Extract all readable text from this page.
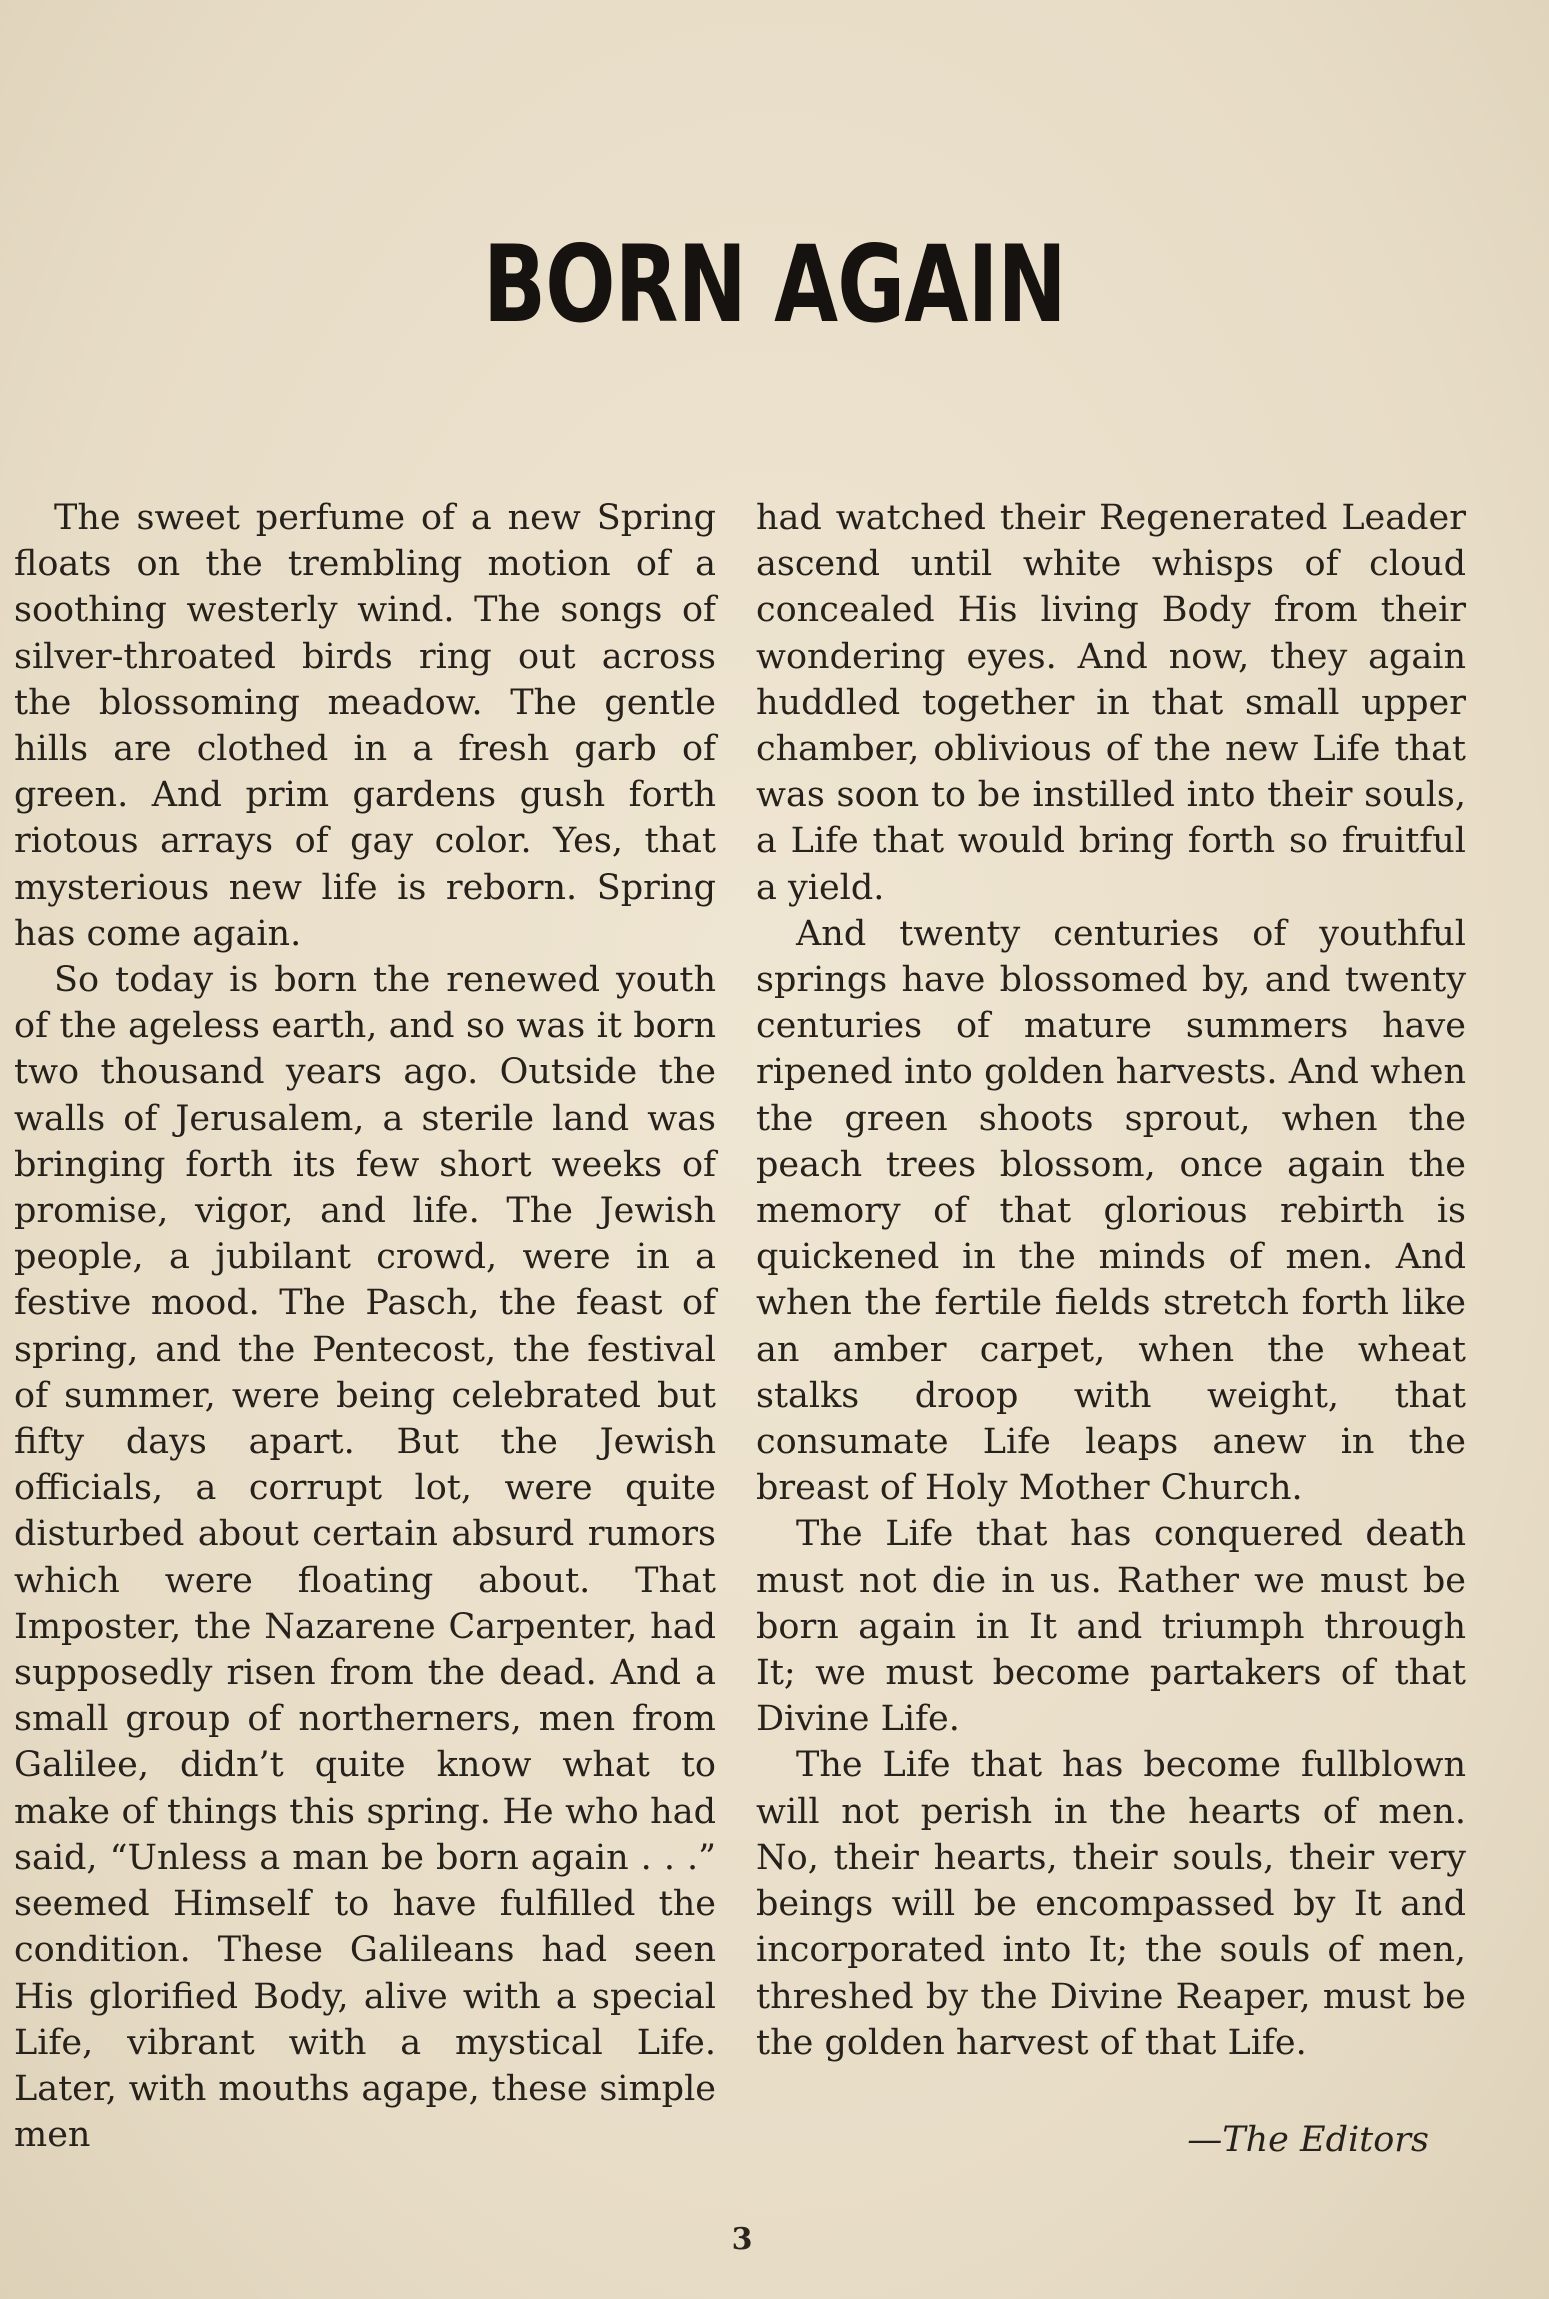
BORN AGAIN

The sweet perfume of a new Spring floats on the trembling motion of a soothing westerly wind. The songs of silver-throated birds ring out across the blossoming meadow. The gentle hills are clothed in a fresh garb of green. And prim gardens gush forth riotous arrays of gay color. Yes, that mysterious new life is reborn. Spring has come again.

So today is born the renewed youth of the ageless earth, and so was it born two thousand years ago. Outside the walls of Jerusalem, a sterile land was bringing forth its few short weeks of promise, vigor, and life. The Jewish people, a jubilant crowd, were in a festive mood. The Pasch, the feast of spring, and the Pentecost, the festival of summer, were being celebrated but fifty days apart. But the Jewish officials, a corrupt lot, were quite disturbed about certain absurd rumors which were floating about. That Imposter, the Nazarene Carpenter, had supposedly risen from the dead. And a small group of northerners, men from Galilee, didn’t quite know what to make of things this spring. He who had said, “Unless a man be born again . . .” seemed Himself to have fulfilled the condition. These Galileans had seen His glorified Body, alive with a special Life, vibrant with a mystical Life. Later, with mouths agape, these simple men

had watched their Regenerated Leader ascend until white whisps of cloud concealed His living Body from their wondering eyes. And now, they again huddled together in that small upper chamber, oblivious of the new Life that was soon to be instilled into their souls, a Life that would bring forth so fruitful a yield.

And twenty centuries of youthful springs have blossomed by, and twenty centuries of mature summers have ripened into golden harvests. And when the green shoots sprout, when the peach trees blossom, once again the memory of that glorious rebirth is quickened in the minds of men. And when the fertile fields stretch forth like an amber carpet, when the wheat stalks droop with weight, that consumate Life leaps anew in the breast of Holy Mother Church.

The Life that has conquered death must not die in us. Rather we must be born again in It and triumph through It; we must become partakers of that Divine Life.

The Life that has become fullblown will not perish in the hearts of men. No, their hearts, their souls, their very beings will be encompassed by It and incorporated into It; the souls of men, threshed by the Divine Reaper, must be the golden harvest of that Life.

—The Editors
3
